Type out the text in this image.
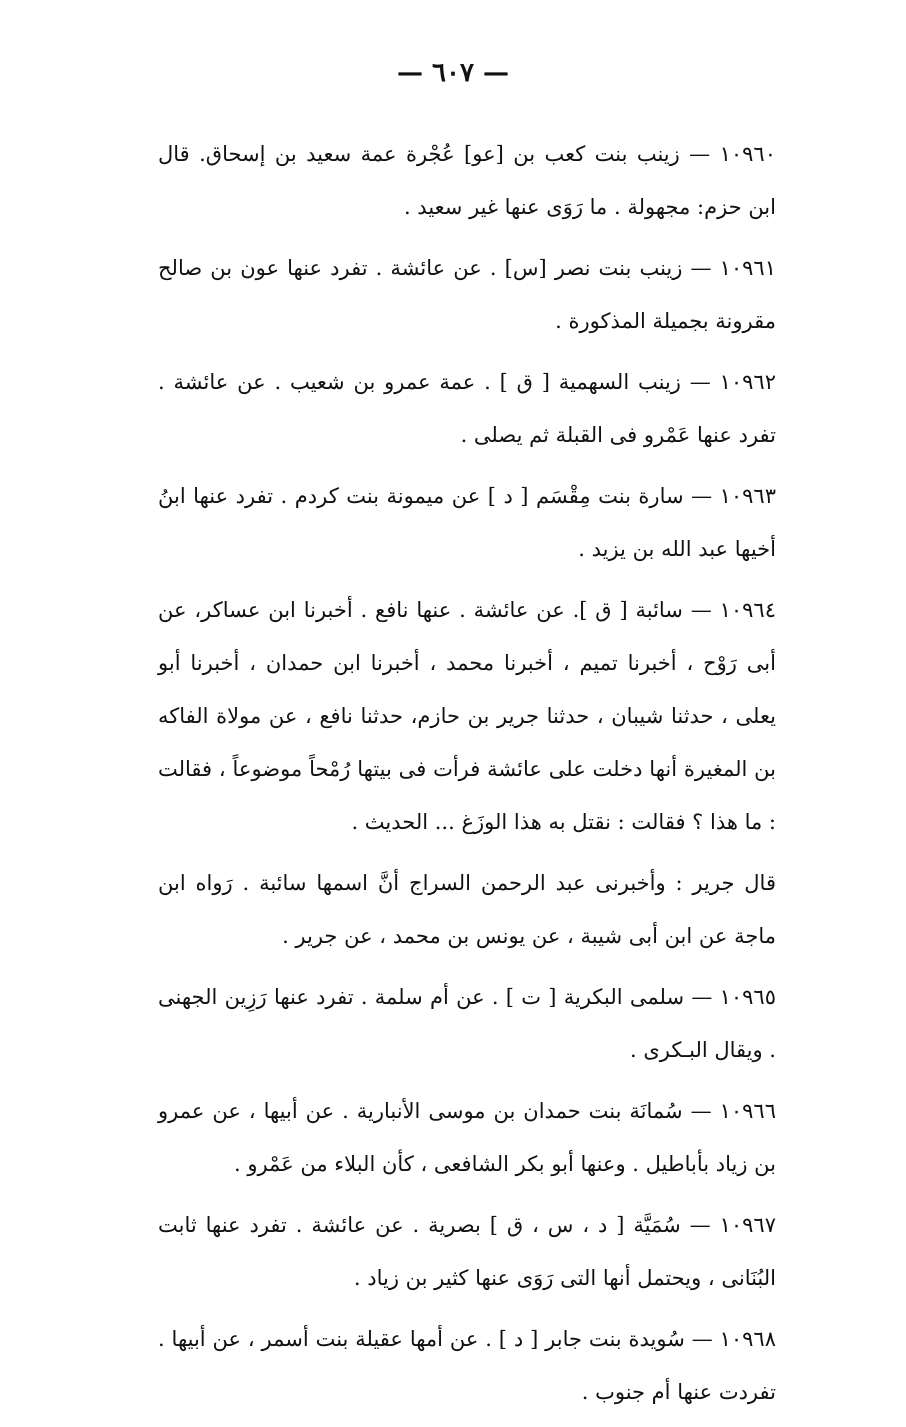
— ٦٠٧ —

١٠٩٦٠ — زينب بنت كعب بن [عو] عُجْرة عمة سعيد بن إسحاق. قال ابن حزم: مجهولة . ما رَوَى عنها غير سعيد .

١٠٩٦١ — زينب بنت نصر [س] . عن عائشة . تفرد عنها عون بن صالح مقرونة بجميلة المذكورة .

١٠٩٦٢ — زينب السهمية [ ق ] . عمة عمرو بن شعيب . عن عائشة . تفرد عنها عَمْرو فى القبلة ثم يصلى .

١٠٩٦٣ — سارة بنت مِقْسَم [ د ] عن ميمونة بنت كردم . تفرد عنها ابنُ أخيها عبد الله بن يزيد .

١٠٩٦٤ — سائبة [ ق ]. عن عائشة . عنها نافع . أخبرنا ابن عساكر، عن أبى رَوْح ، أخبرنا تميم ، أخبرنا محمد ، أخبرنا ابن حمدان ، أخبرنا أبو يعلى ، حدثنا شيبان ، حدثنا جرير بن حازم، حدثنا نافع ، عن مولاة الفاكه بن المغيرة أنها دخلت على عائشة فرأت فى بيتها رُمْحاً موضوعاً ، فقالت : ما هذا ؟ فقالت : نقتل به هذا الوزَغ ... الحديث .

قال جرير : وأخبرنى عبد الرحمن السراج أنَّ اسمها سائبة . رَواه ابن ماجة عن ابن أبى شيبة ، عن يونس بن محمد ، عن جرير .

١٠٩٦٥ — سلمى البكرية [ ت ] . عن أم سلمة . تفرد عنها رَزِين الجهنى . ويقال البـكرى .

١٠٩٦٦ — سُمانَة بنت حمدان بن موسى الأنبارية . عن أبيها ، عن عمرو بن زياد بأباطيل . وعنها أبو بكر الشافعى ، كأن البلاء من عَمْرو .

١٠٩٦٧ — سُمَيَّة [ د ، س ، ق ] بصرية . عن عائشة . تفرد عنها ثابت البُنَانى ، ويحتمل أنها التى رَوَى عنها كثير بن زياد .

١٠٩٦٨ — سُويدة بنت جابر [ د ] . عن أمها عقيلة بنت أسمر ، عن أبيها . تفردت عنها أم جنوب .
